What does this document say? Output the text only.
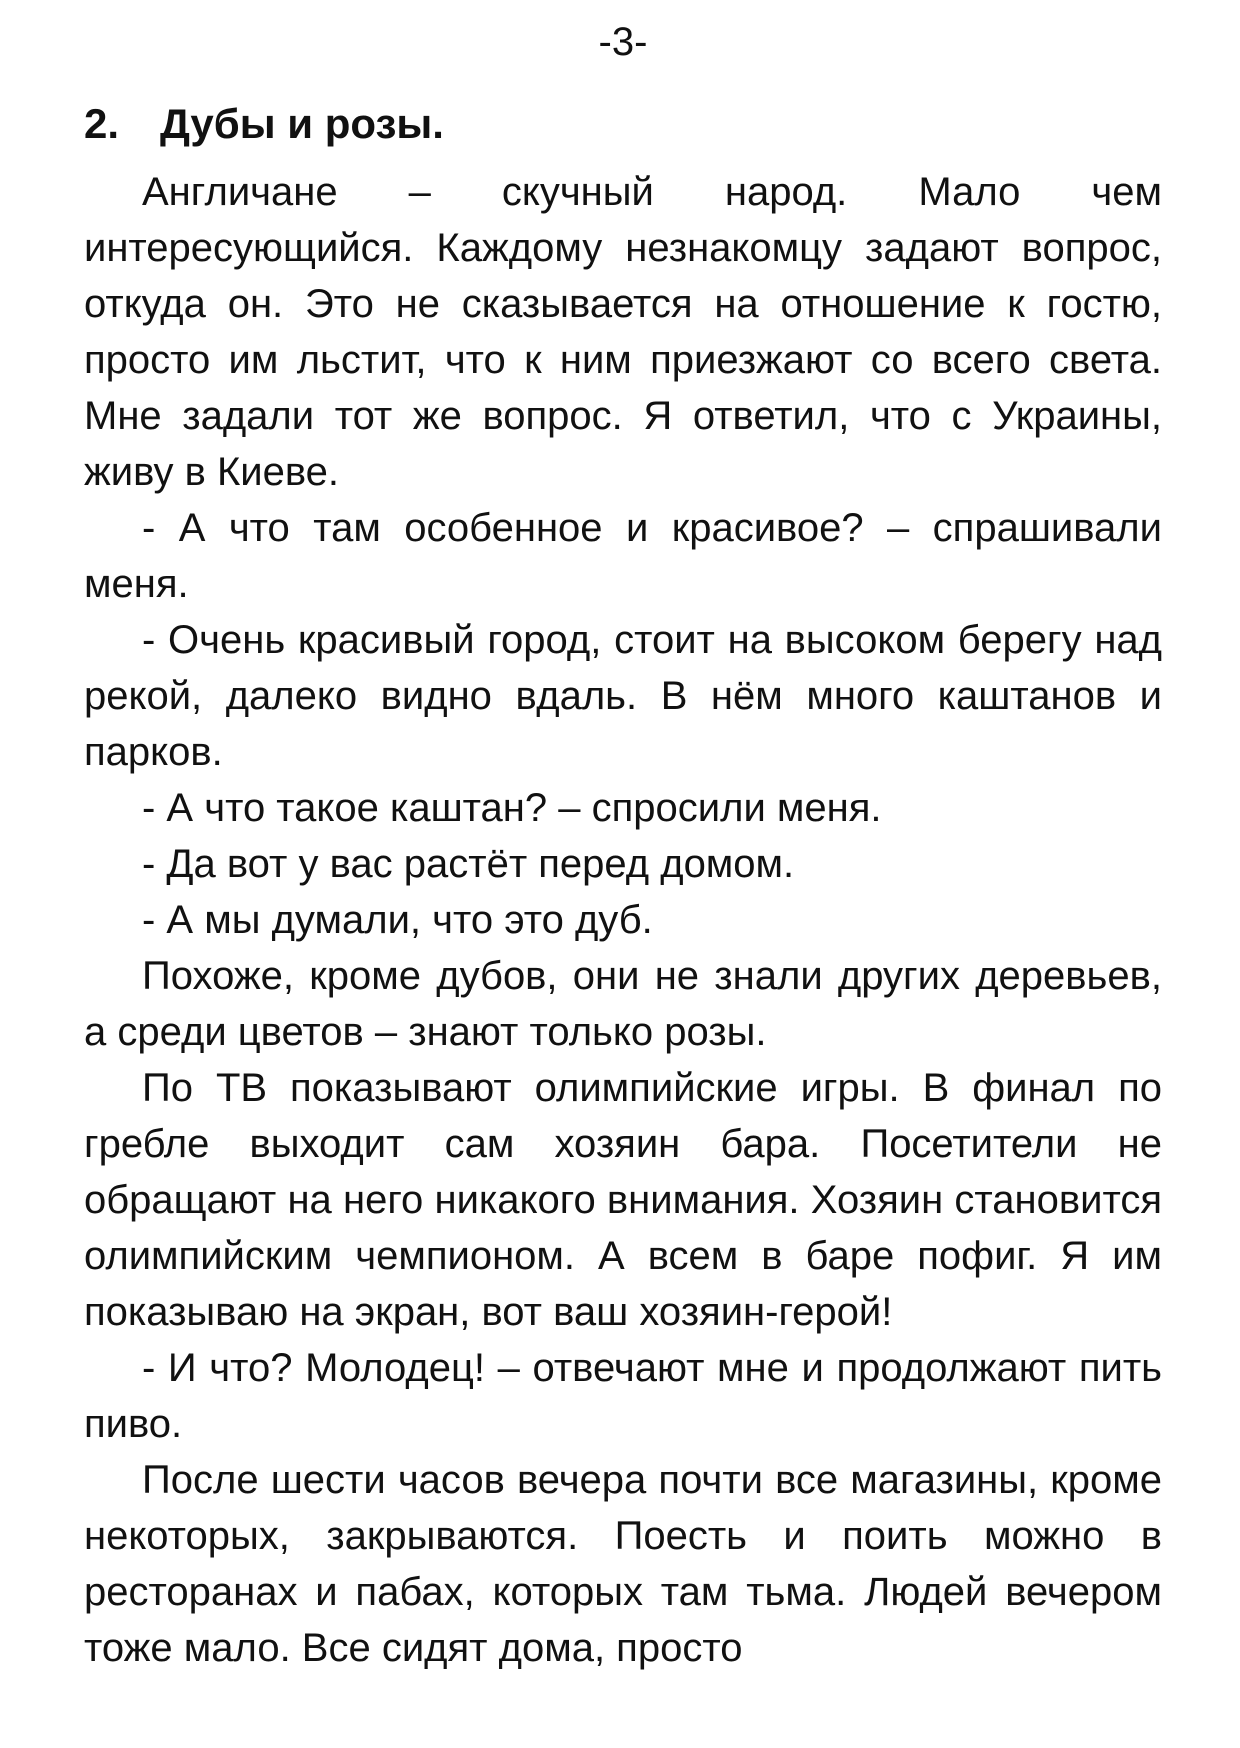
-3-
2. Дубы и розы.

Англичане – скучный народ. Мало чем интересующийся. Каждому незнакомцу задают вопрос, откуда он. Это не сказывается на отношение к гостю, просто им льстит, что к ним приезжают со всего света. Мне задали тот же вопрос. Я ответил, что с Украины, живу в Киеве.

- А что там особенное и красивое? – спрашивали меня.

- Очень красивый город, стоит на высоком берегу над рекой, далеко видно вдаль. В нём много каштанов и парков.

- А что такое каштан? – спросили меня.

- Да вот у вас растёт перед домом.

- А мы думали, что это дуб.

Похоже, кроме дубов, они не знали других деревьев, а среди цветов – знают только розы.

По ТВ показывают олимпийские игры. В финал по гребле выходит сам хозяин бара. Посетители не обращают на него никакого внимания. Хозяин становится олимпийским чемпионом. А всем в баре пофиг. Я им показываю на экран, вот ваш хозяин-герой!

- И что? Молодец! – отвечают мне и продолжают пить пиво.

После шести часов вечера почти все магазины, кроме некоторых, закрываются. Поесть и поить можно в ресторанах и пабах, которых там тьма. Людей вечером тоже мало. Все сидят дома, просто
